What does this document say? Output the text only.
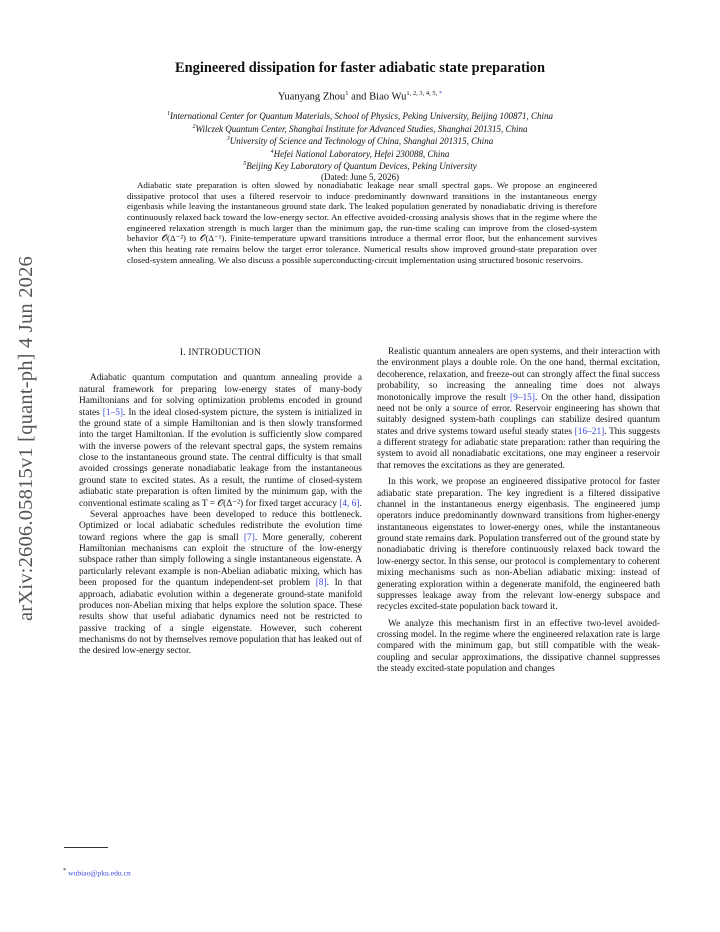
arXiv:2606.05815v1 [quant-ph] 4 Jun 2026
Engineered dissipation for faster adiabatic state preparation
Yuanyang Zhou$^1$ and Biao $Wu^{1, 2, 3, 4, 5, *}$
$^1$International Center for Quantum Materials, School of Physics, Peking University, Beijing 100871, China
$^2$Wilczek Quantum Center, Shanghai Institute for Advanced Studies, Shanghai 201315, China
$^3$University of Science and Technology of China, Shanghai 201315, China
$^4$Hefei National Laboratory, Hefei 230088, China
$^5$Beijing Key Laboratory of Quantum Devices, Peking University
(Dated: June 5, 2026)
Adiabatic state preparation is often slowed by nonadiabatic leakage near small spectral gaps. We propose an engineered dissipative protocol that uses a filtered reservoir to induce predominantly downward transitions in the instantaneous energy eigenbasis while leaving the instantaneous ground state dark. The leaked population generated by nonadiabatic driving is therefore continuously relaxed back toward the low-energy sector. An effective avoided-crossing analysis shows that in the regime where the engineered relaxation strength is much larger than the minimum gap, the run-time scaling can improve from the closed-system behavior 𝒪(Δ⁻²) to 𝒪(Δ⁻¹). Finite-temperature upward transitions introduce a thermal error floor, but the enhancement survives when this heating rate remains below the target error tolerance. Numerical results show improved ground-state preparation over closed-system annealing. We also discuss a possible superconducting-circuit implementation using structured bosonic reservoirs.
I. INTRODUCTION

Adiabatic quantum computation and quantum annealing provide a natural framework for preparing low-energy states of many-body Hamiltonians and for solving optimization problems encoded in ground states [1–5]. In the ideal closed-system picture, the system is initialized in the ground state of a simple Hamiltonian and is then slowly transformed into the target Hamiltonian. If the evolution is sufficiently slow compared with the inverse powers of the relevant spectral gaps, the system remains close to the instantaneous ground state. The central difficulty is that small avoided crossings generate nonadiabatic leakage from the instantaneous ground state to excited states. As a result, the runtime of closed-system adiabatic state preparation is often limited by the minimum gap, with the conventional estimate scaling as T = 𝒪(Δ⁻²) for fixed target accuracy [4, 6].

Several approaches have been developed to reduce this bottleneck. Optimized or local adiabatic schedules redistribute the evolution time toward regions where the gap is small [7]. More generally, coherent Hamiltonian mechanisms can exploit the structure of the low-energy subspace rather than simply following a single instantaneous eigenstate. A particularly relevant example is non-Abelian adiabatic mixing, which has been proposed for the quantum independent-set problem [8]. In that approach, adiabatic evolution within a degenerate ground-state manifold produces non-Abelian mixing that helps explore the solution space. These results show that useful adiabatic dynamics need not be restricted to passive tracking of a single eigenstate. However, such coherent mechanisms do not by themselves remove population that has leaked out of the desired low-energy sector.

Realistic quantum annealers are open systems, and their interaction with the environment plays a double role. On the one hand, thermal excitation, decoherence, relaxation, and freeze-out can strongly affect the final success probability, so increasing the annealing time does not always monotonically improve the result [9–15]. On the other hand, dissipation need not be only a source of error. Reservoir engineering has shown that suitably designed system-bath couplings can stabilize desired quantum states and drive systems toward useful steady states [16–21]. This suggests a different strategy for adiabatic state preparation: rather than requiring the system to avoid all nonadiabatic excitations, one may engineer a reservoir that removes the excitations as they are generated.

In this work, we propose an engineered dissipative protocol for faster adiabatic state preparation. The key ingredient is a filtered dissipative channel in the instantaneous energy eigenbasis. The engineered jump operators induce predominantly downward transitions from higher-energy instantaneous eigenstates to lower-energy ones, while the instantaneous ground state remains dark. Population transferred out of the ground state by nonadiabatic driving is therefore continuously relaxed back toward the low-energy sector. In this sense, our protocol is complementary to coherent mixing mechanisms such as non-Abelian adiabatic mixing: instead of generating exploration within a degenerate manifold, the engineered bath suppresses leakage away from the relevant low-energy subspace and recycles excited-state population back toward it.

We analyze this mechanism first in an effective two-level avoided-crossing model. In the regime where the engineered relaxation rate is large compared with the minimum gap, but still compatible with the weak-coupling and secular approximations, the dissipative channel suppresses the steady excited-state population and changes

* wubiao@pku.edu.cn
